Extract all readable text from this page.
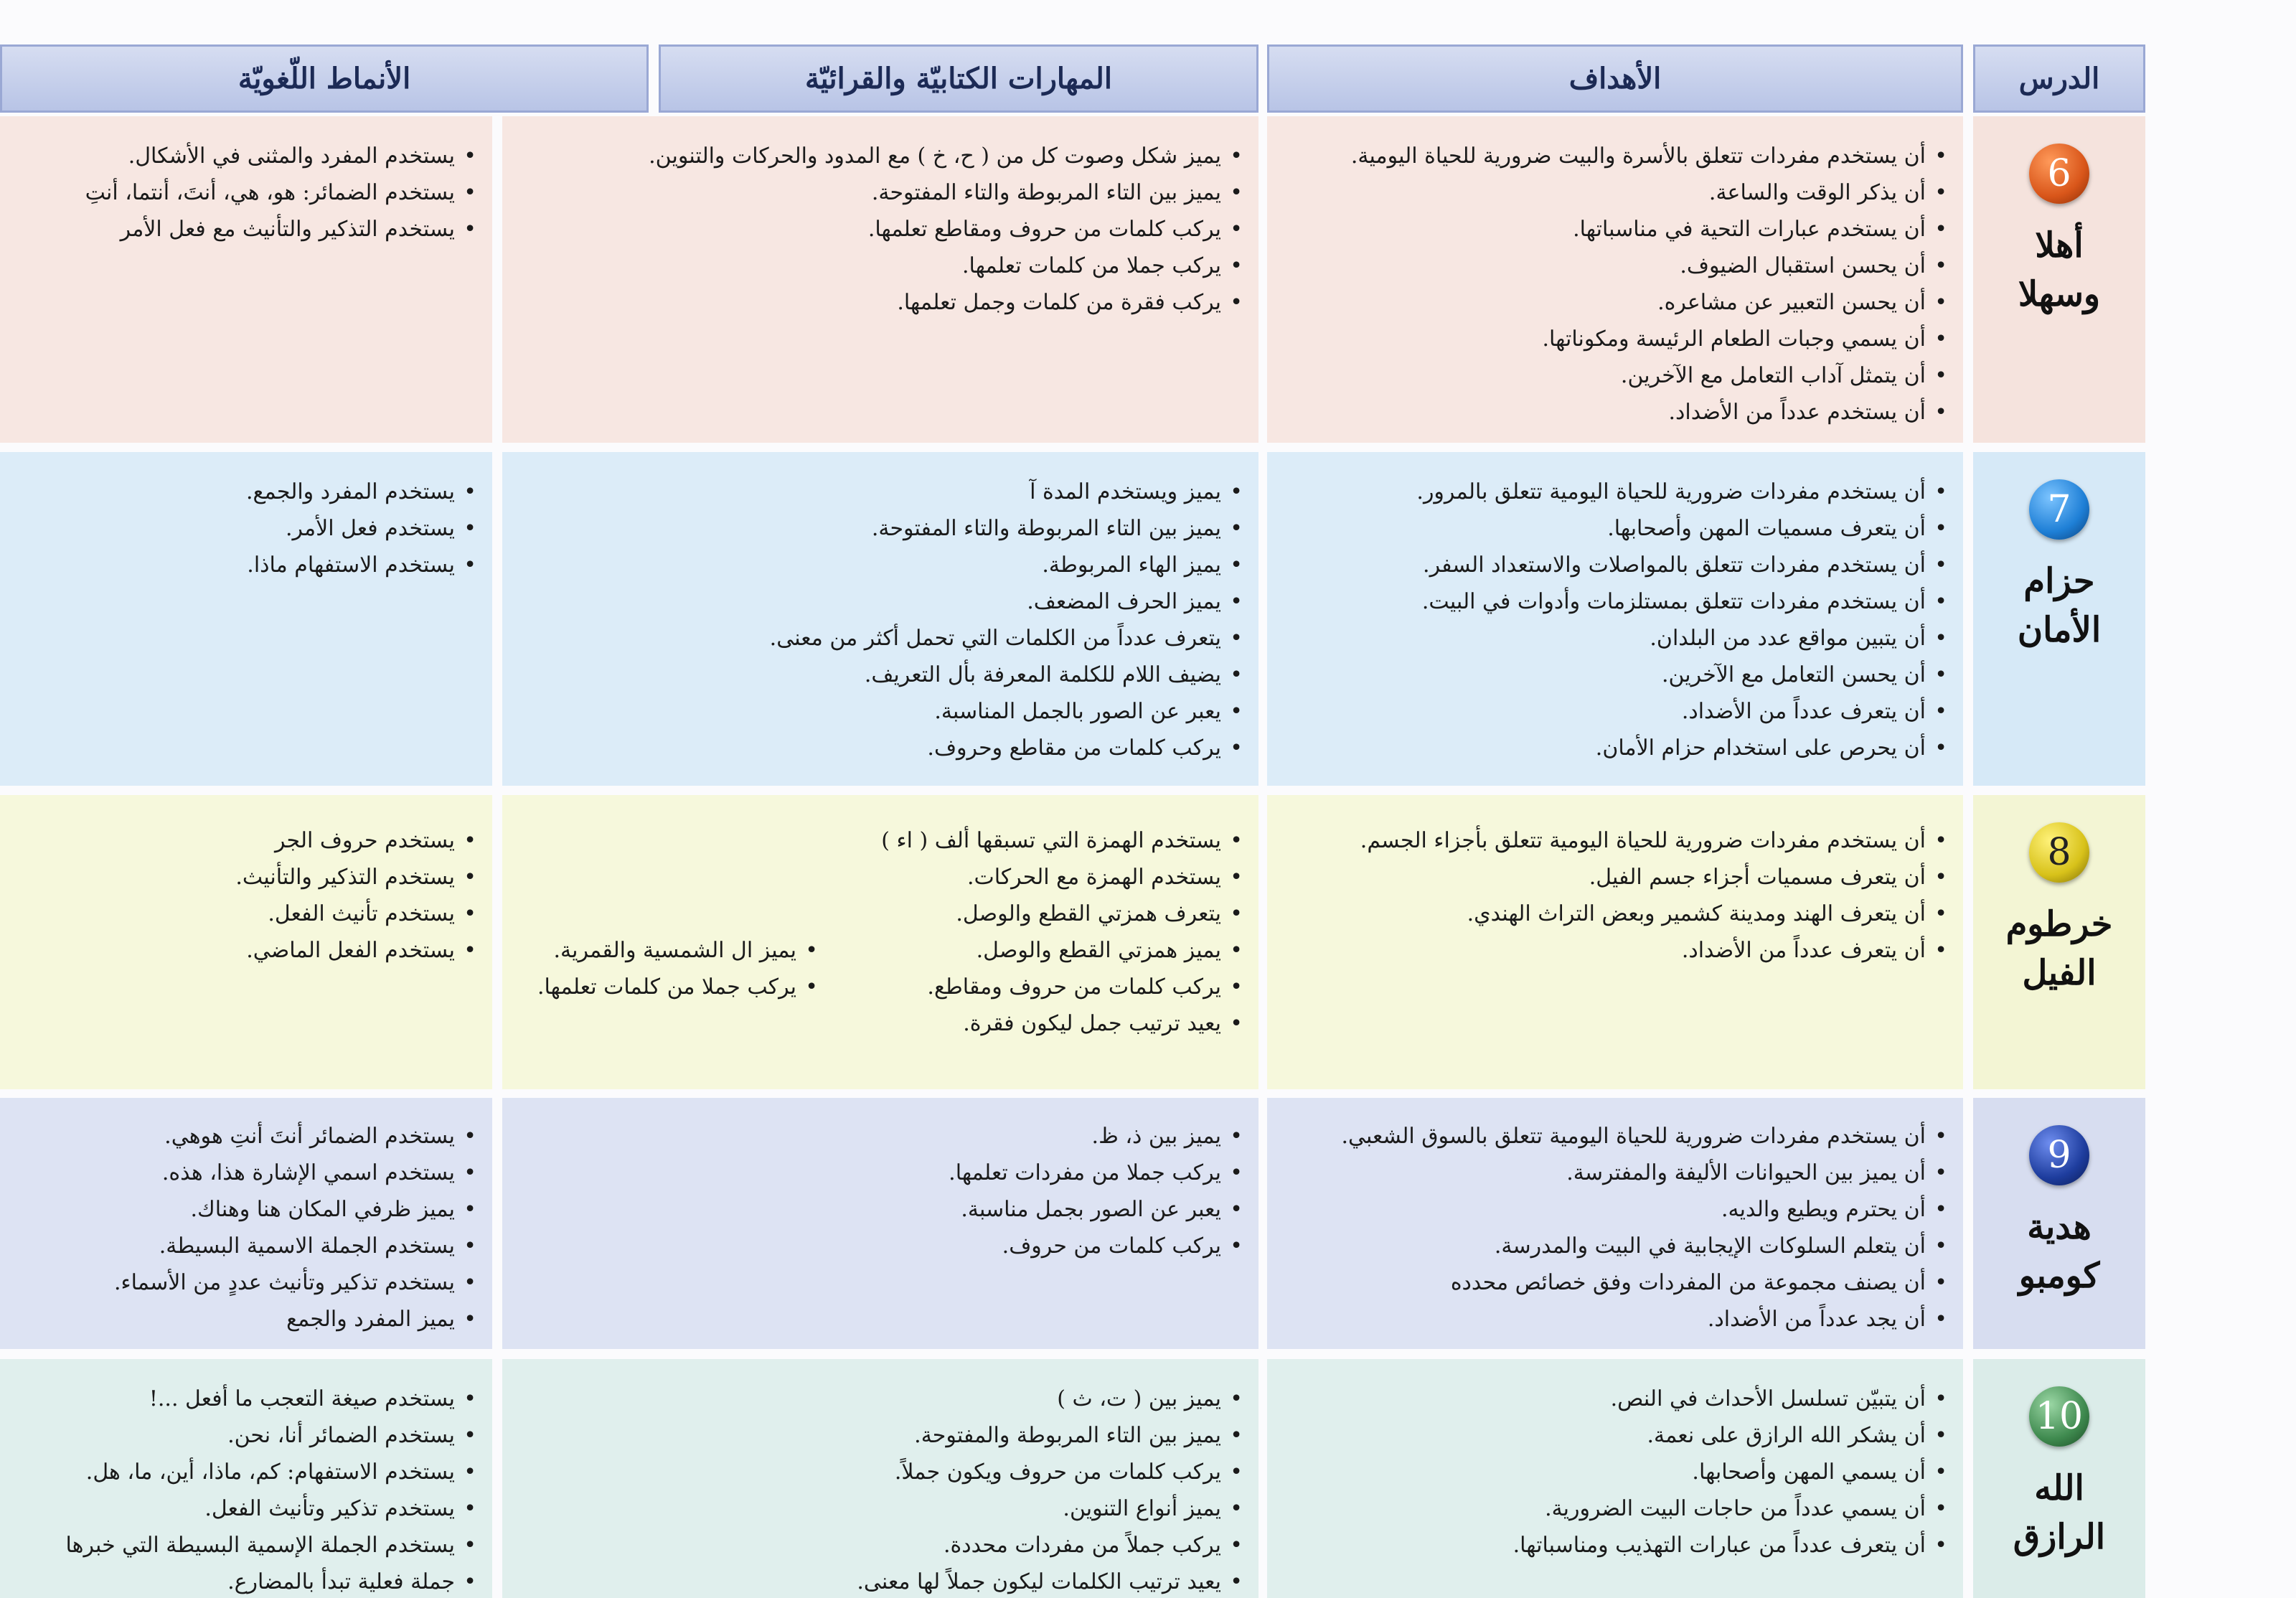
الدرس
الأهداف
المهارات الكتابيّة والقرائيّة
الأنماط اللّغويّة
6
أهلا
وسهلا
• أن يستخدم مفردات تتعلق بالأسرة والبيت ضرورية للحياة اليومية.
• أن يذكر الوقت والساعة.
• أن يستخدم عبارات التحية في مناسباتها.
• أن يحسن استقبال الضيوف.
• أن يحسن التعبير عن مشاعره.
• أن يسمي وجبات الطعام الرئيسة ومكوناتها.
• أن يتمثل آداب التعامل مع الآخرين.
• أن يستخدم عدداً من الأضداد.
• يميز شكل وصوت كل من ( ح، خ ) مع المدود والحركات والتنوين.
• يميز بين التاء المربوطة والتاء المفتوحة.
• يركب كلمات من حروف ومقاطع تعلمها.
• يركب جملا من كلمات تعلمها.
• يركب فقرة من كلمات وجمل تعلمها.
• يستخدم المفرد والمثنى في الأشكال.
• يستخدم الضمائر: هو، هي، أنتَ، أنتما، أنتِ
• يستخدم التذكير والتأنيث مع فعل الأمر
7
حزام
الأمان
• أن يستخدم مفردات ضرورية للحياة اليومية تتعلق بالمرور.
• أن يتعرف مسميات المهن وأصحابها.
• أن يستخدم مفردات تتعلق بالمواصلات والاستعداد السفر.
• أن يستخدم مفردات تتعلق بمستلزمات وأدوات في البيت.
• أن يتبين مواقع عدد من البلدان.
• أن يحسن التعامل مع الآخرين.
• أن يتعرف عدداً من الأضداد.
• أن يحرص على استخدام حزام الأمان.
• يميز ويستخدم المدة آ
• يميز بين التاء المربوطة والتاء المفتوحة.
• يميز الهاء المربوطة.
• يميز الحرف المضعف.
• يتعرف عدداً من الكلمات التي تحمل أكثر من معنى.
• يضيف اللام للكلمة المعرفة بأل التعريف.
• يعبر عن الصور بالجمل المناسبة.
• يركب كلمات من مقاطع وحروف.
• يستخدم المفرد والجمع.
• يستخدم فعل الأمر.
• يستخدم الاستفهام ماذا.
8
خرطوم
الفيل
• أن يستخدم مفردات ضرورية للحياة اليومية تتعلق بأجزاء الجسم.
• أن يتعرف مسميات أجزاء جسم الفيل.
• أن يتعرف الهند ومدينة كشمير وبعض التراث الهندي.
• أن يتعرف عدداً من الأضداد.
• يستخدم الهمزة التي تسبقها ألف ( اء )
• يستخدم الهمزة مع الحركات.
• يتعرف همزتي القطع والوصل.
• يميز همزتي القطع والوصل.
• يركب كلمات من حروف ومقاطع.
• يعيد ترتيب جمل ليكون فقرة.
• يميز ال الشمسية والقمرية.
• يركب جملا من كلمات تعلمها.
• يستخدم حروف الجر
• يستخدم التذكير والتأنيث.
• يستخدم تأنيث الفعل.
• يستخدم الفعل الماضي.
9
هدية
كومبو
• أن يستخدم مفردات ضرورية للحياة اليومية تتعلق بالسوق الشعبي.
• أن يميز بين الحيوانات الأليفة والمفترسة.
• أن يحترم ويطيع والديه.
• أن يتعلم السلوكات الإيجابية في البيت والمدرسة.
• أن يصنف مجموعة من المفردات وفق خصائص محدده
• أن يجد عدداً من الأضداد.
• يميز بين ذ، ظ.
• يركب جملا من مفردات تعلمها.
• يعبر عن الصور بجمل مناسبة.
• يركب كلمات من حروف.
• يستخدم الضمائر أنتَ أنتِ هوهي.
• يستخدم اسمي الإشارة هذا، هذه.
• يميز ظرفي المكان هنا وهناك.
• يستخدم الجملة الاسمية البسيطة.
• يستخدم تذكير وتأنيث عددٍ من الأسماء.
• يميز المفرد والجمع
10
الله
الرازق
• أن يتبيّن تسلسل الأحداث في النص.
• أن يشكر الله الرازق على نعمة.
• أن يسمي المهن وأصحابها.
• أن يسمي عدداً من حاجات البيت الضرورية.
• أن يتعرف عدداً من عبارات التهذيب ومناسباتها.
• يميز بين ( ت، ث )
• يميز بين التاء المربوطة والمفتوحة.
• يركب كلمات من حروف ويكون جملاً.
• يميز أنواع التنوين.
• يركب جملاً من مفردات محددة.
• يعيد ترتيب الكلمات ليكون جملاً لها معنى.
• يستخدم صيغة التعجب ما أفعل ...!
• يستخدم الضمائر أنا، نحن.
• يستخدم الاستفهام: كم، ماذا، أين، ما، هل.
• يستخدم تذكير وتأنيث الفعل.
• يستخدم الجملة الإسمية البسيطة التي خبرها
• جملة فعلية تبدأ بالمضارع.
